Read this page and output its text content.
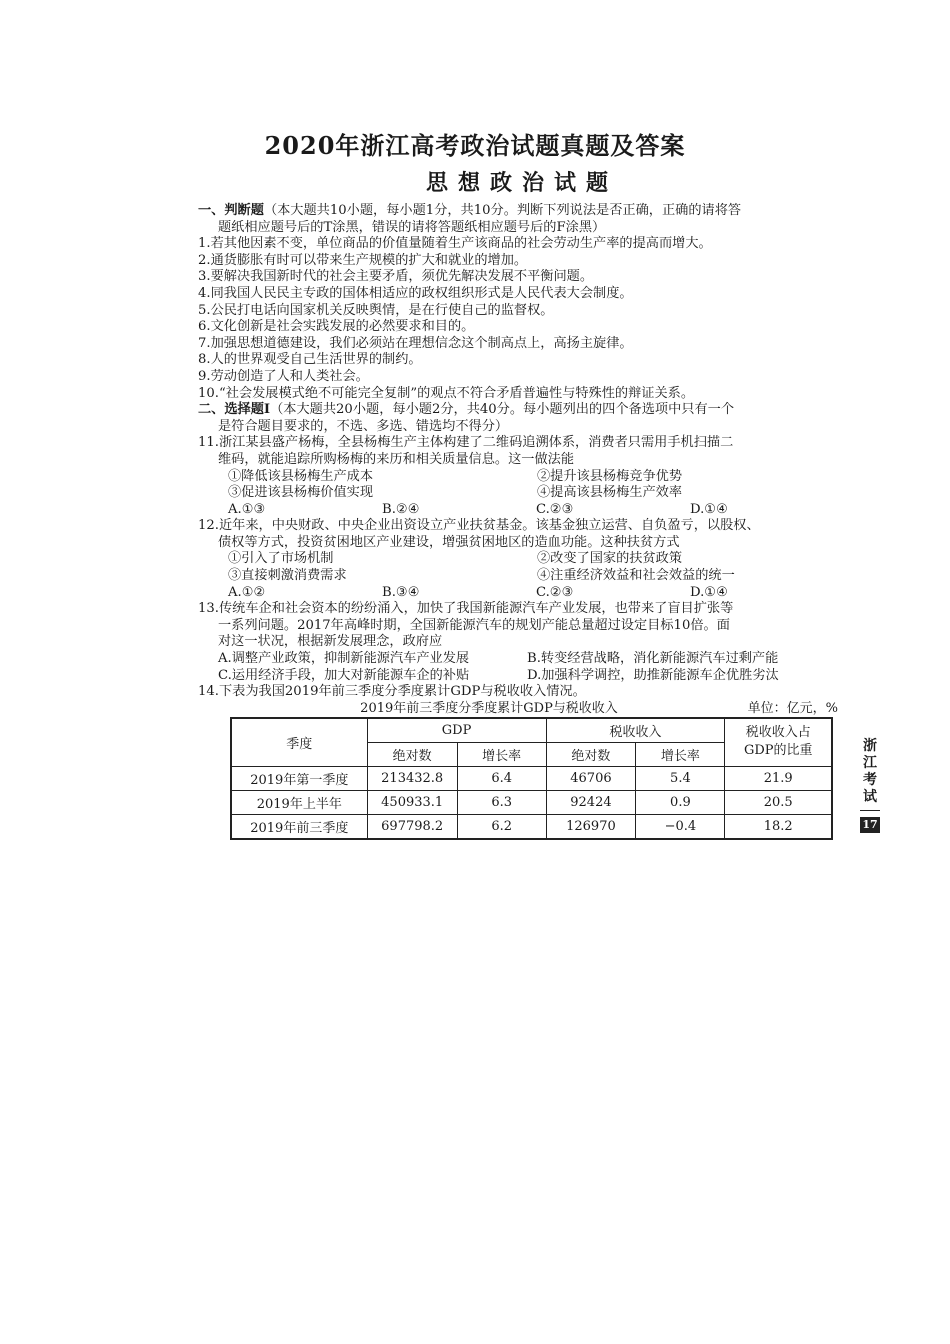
2020年浙江高考政治试题真题及答案
思想政治试题
一、判断题（本大题共10小题，每小题1分，共10分。判断下列说法是否正确，正确的请将答
题纸相应题号后的T涂黑，错误的请将答题纸相应题号后的F涂黑）
1.若其他因素不变，单位商品的价值量随着生产该商品的社会劳动生产率的提高而增大。
2.通货膨胀有时可以带来生产规模的扩大和就业的增加。
3.要解决我国新时代的社会主要矛盾，须优先解决发展不平衡问题。
4.同我国人民民主专政的国体相适应的政权组织形式是人民代表大会制度。
5.公民打电话向国家机关反映舆情，是在行使自己的监督权。
6.文化创新是社会实践发展的必然要求和目的。
7.加强思想道德建设，我们必须站在理想信念这个制高点上，高扬主旋律。
8.人的世界观受自己生活世界的制约。
9.劳动创造了人和人类社会。
10.“社会发展模式绝不可能完全复制”的观点不符合矛盾普遍性与特殊性的辩证关系。
二、选择题Ⅰ（本大题共20小题，每小题2分，共40分。每小题列出的四个备选项中只有一个
是符合题目要求的，不选、多选、错选均不得分）
11.浙江某县盛产杨梅，全县杨梅生产主体构建了二维码追溯体系，消费者只需用手机扫描二
维码，就能追踪所购杨梅的来历和相关质量信息。这一做法能
①降低该县杨梅生产成本	②提升该县杨梅竞争优势
③促进该县杨梅价值实现	④提高该县杨梅生产效率
A.①③	B.②④	C.②③	D.①④
12.近年来，中央财政、中央企业出资设立产业扶贫基金。该基金独立运营、自负盈亏，以股权、
债权等方式，投资贫困地区产业建设，增强贫困地区的造血功能。这种扶贫方式
①引入了市场机制	②改变了国家的扶贫政策
③直接刺激消费需求	④注重经济效益和社会效益的统一
A.①②	B.③④	C.②③	D.①④
13.传统车企和社会资本的纷纷涌入，加快了我国新能源汽车产业发展，也带来了盲目扩张等
一系列问题。2017年高峰时期，全国新能源汽车的规划产能总量超过设定目标10倍。面
对这一状况，根据新发展理念，政府应
A.调整产业政策，抑制新能源汽车产业发展	B.转变经营战略，消化新能源汽车过剩产能
C.运用经济手段，加大对新能源车企的补贴	D.加强科学调控，助推新能源车企优胜劣汰
14.下表为我国2019年前三季度分季度累计GDP与税收收入情况。
2019年前三季度分季度累计GDP与税收收入	单位：亿元，%
季度	GDP		税收收入		税收收入占
GDP的比重
	绝对数	增长率	绝对数	增长率	
2019年第一季度	213432.8	6.4	46706	5.4	21.9
2019年上半年	450933.1	6.3	92424	0.9	20.5
2019年前三季度	697798.2	6.2	126970	−0.4	18.2
浙
江
考
试
17
